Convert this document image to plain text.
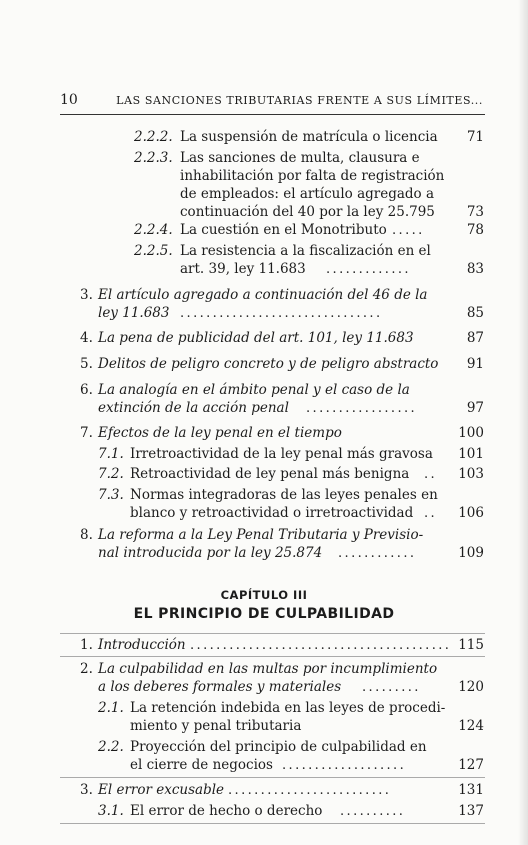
10	LAS SANCIONES TRIBUTARIAS FRENTE A SUS LÍMITES...
2.2.2. La suspensión de matrícula o licencia 71
2.2.3. Las sanciones de multa, clausura e
inhabilitación por falta de registración
de empleados: el artículo agregado a
continuación del 40 por la ley 25.795 73
2.2.4. La cuestión en el Monotributo .....	78
2.2.5. La resistencia a la fiscalización en el
art. 39, ley 11.683 .............	83
3. El artículo agregado a continuación del 46 de la
ley 11.683 ...............................	85
4. La pena de publicidad del art. 101, ley 11.683	87
5. Delitos de peligro concreto y de peligro abstracto 91
6. La analogía en el ámbito penal y el caso de la
extinción de la acción penal .................	97
7. Efectos de la ley penal en el tiempo	100
7.1. Irretroactividad de la ley penal más gravosa 101
7.2. Retroactividad de ley penal más benigna .. 103
7.3. Normas integradoras de las leyes penales en
blanco y retroactividad o irretroactividad .. 106
8. La reforma a la Ley Penal Tributaria y Previsio-
nal introducida por la ley 25.874 ............	109
CAPÍTULO III
EL PRINCIPIO DE CULPABILIDAD
1. Introducción ........................................ 115
2. La culpabilidad en las multas por incumplimiento
a los deberes formales y materiales .........	120
2.1. La retención indebida en las leyes de procedi-
miento y penal tributaria	124
2.2. Proyección del principio de culpabilidad en
el cierre de negocios ...................	127
3. El error excusable .........................	131
3.1. El error de hecho o derecho ..........	137
